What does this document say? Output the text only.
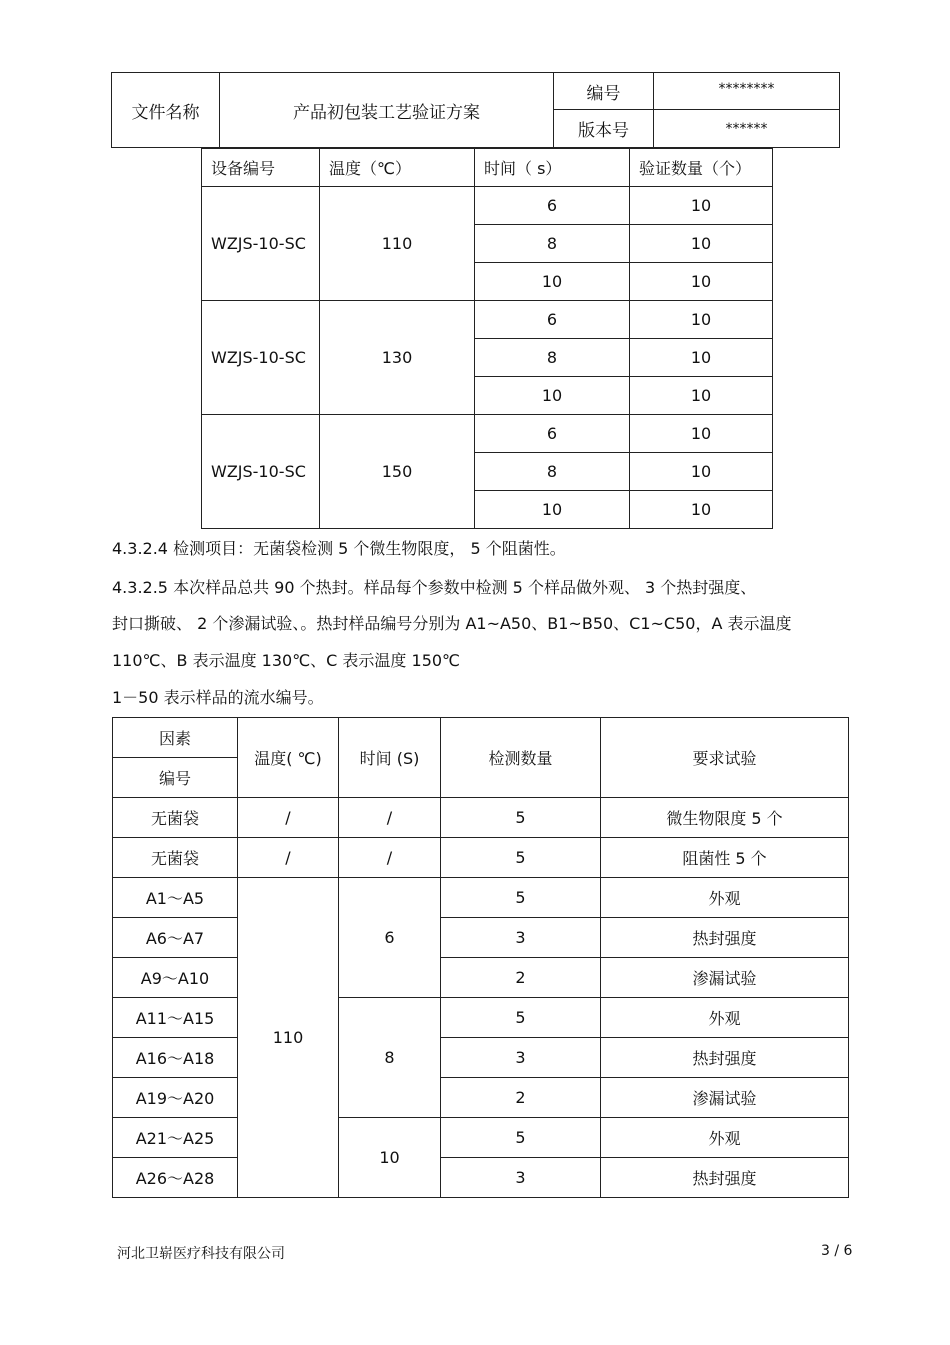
文件名称	产品初包装工艺验证方案	编号	********
		版本号	******
设备编号	温度（℃）	时间（ s）	验证数量（个）
WZJS-10-SC	110	6	10
		8	10
		10	10
WZJS-10-SC	130	6	10
		8	10
		10	10
WZJS-10-SC	150	6	10
		8	10
		10	10
4.3.2.4 检测项目：无菌袋检测 5 个微生物限度， 5 个阻菌性。
4.3.2.5 本次样品总共 90 个热封。样品每个参数中检测 5 个样品做外观、 3 个热封强度、
封口撕破、 2 个渗漏试验、。热封样品编号分别为 A1~A50、B1~B50、C1~C50，A 表示温度
110℃、B 表示温度 130℃、C 表示温度 150℃
1－50 表示样品的流水编号。
因素	温度( ℃)	时间 (S)	检测数量	要求试验
编号				
无菌袋	/	/	5	微生物限度 5 个
无菌袋	/	/	5	阻菌性 5 个
A1～A5	110	6	5	外观
A6～A7			3	热封强度
A9～A10			2	渗漏试验
A11～A15		8	5	外观
A16～A18			3	热封强度
A19～A20			2	渗漏试验
A21～A25		10	5	外观
A26～A28			3	热封强度
河北卫崭医疗科技有限公司	3 / 6
